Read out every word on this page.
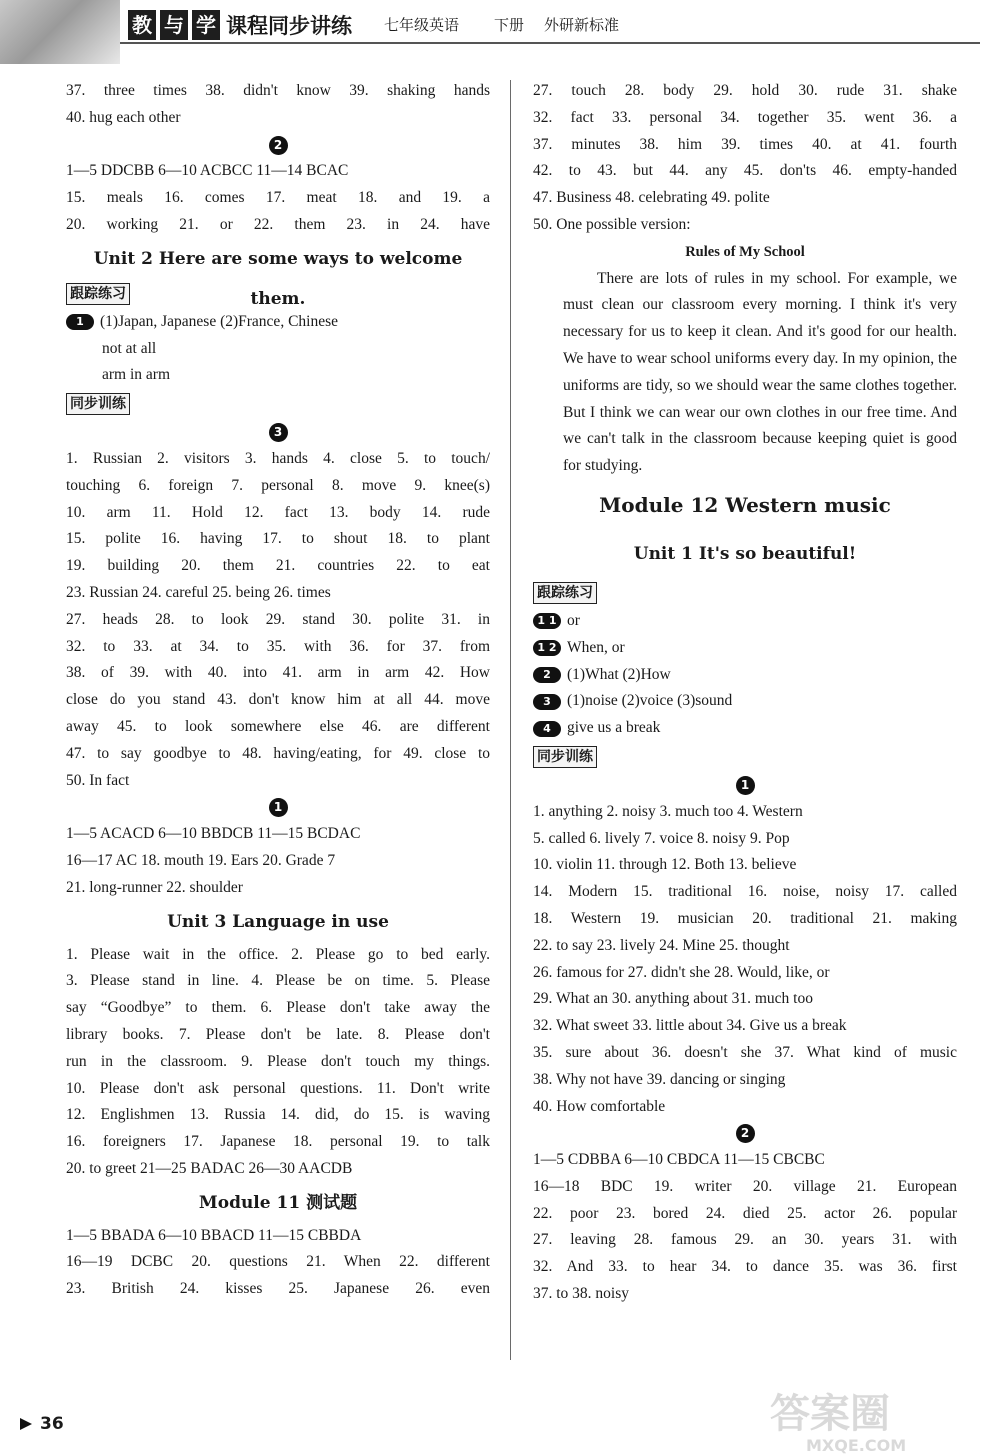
教 与 学 课程同步讲练 七年级英语 下册 外研新标准
37. three times 38. didn't know 39. shaking hands
40. hug each other
2
1—5 DDCBB 6—10 ACBCC 11—14 BCAC
15. meals 16. comes 17. meat 18. and 19. a
20. working 21. or 22. them 23. in 24. have
Unit 2 Here are some ways to welcome them.
跟踪练习
1 (1)Japan, Japanese (2)France, Chinese
not at all
arm in arm
同步训练
3
1. Russian 2. visitors 3. hands 4. close 5. to touch/
touching 6. foreign 7. personal 8. move 9. knee(s)
10. arm 11. Hold 12. fact 13. body 14. rude
15. polite 16. having 17. to shout 18. to plant
19. building 20. them 21. countries 22. to eat
23. Russian 24. careful 25. being 26. times
27. heads 28. to look 29. stand 30. polite 31. in
32. to 33. at 34. to 35. with 36. for 37. from
38. of 39. with 40. into 41. arm in arm 42. How
close do you stand 43. don't know him at all 44. move
away 45. to look somewhere else 46. are different
47. to say goodbye to 48. having/eating, for 49. close to
50. In fact
1
1—5 ACACD 6—10 BBDCB 11—15 BCDAC
16—17 AC 18. mouth 19. Ears 20. Grade 7
21. long-runner 22. shoulder
Unit 3 Language in use
1. Please wait in the office. 2. Please go to bed early.
3. Please stand in line. 4. Please be on time. 5. Please
say “Goodbye” to them. 6. Please don't take away the
library books. 7. Please don't be late. 8. Please don't
run in the classroom. 9. Please don't touch my things.
10. Please don't ask personal questions. 11. Don't write
12. Englishmen 13. Russia 14. did, do 15. is waving
16. foreigners 17. Japanese 18. personal 19. to talk
20. to greet 21—25 BADAC 26—30 AACDB
Module 11 测试题
1—5 BBADA 6—10 BBACD 11—15 CBBDA
16—19 DCBC 20. questions 21. When 22. different
23. British 24. kisses 25. Japanese 26. even
27. touch 28. body 29. hold 30. rude 31. shake
32. fact 33. personal 34. together 35. went 36. a
37. minutes 38. him 39. times 40. at 41. fourth
42. to 43. but 44. any 45. don'ts 46. empty-handed
47. Business 48. celebrating 49. polite
50. One possible version:
Rules of My School
There are lots of rules in my school. For example, we must clean our classroom every morning. I think it's very necessary for us to keep it clean. And it's good for our health. We have to wear school uniforms every day. In my opinion, the uniforms are tidy, so we should wear the same clothes together. But I think we can wear our own clothes in our free time. And we can't talk in the classroom because keeping quiet is good for studying.
Module 12 Western music
Unit 1 It's so beautiful!
跟踪练习
1 1 or
1 2 When, or
2 (1)What (2)How
3 (1)noise (2)voice (3)sound
4 give us a break
同步训练
1
1. anything 2. noisy 3. much too 4. Western
5. called 6. lively 7. voice 8. noisy 9. Pop
10. violin 11. through 12. Both 13. believe
14. Modern 15. traditional 16. noise, noisy 17. called
18. Western 19. musician 20. traditional 21. making
22. to say 23. lively 24. Mine 25. thought
26. famous for 27. didn't she 28. Would, like, or
29. What an 30. anything about 31. much too
32. What sweet 33. little about 34. Give us a break
35. sure about 36. doesn't she 37. What kind of music
38. Why not have 39. dancing or singing
40. How comfortable
2
1—5 CDBBA 6—10 CBDCA 11—15 CBCBC
16—18 BDC 19. writer 20. village 21. European
22. poor 23. bored 24. died 25. actor 26. popular
27. leaving 28. famous 29. an 30. years 31. with
32. And 33. to hear 34. to dance 35. was 36. first
37. to 38. noisy
36	答案圈
MXQE.COM
